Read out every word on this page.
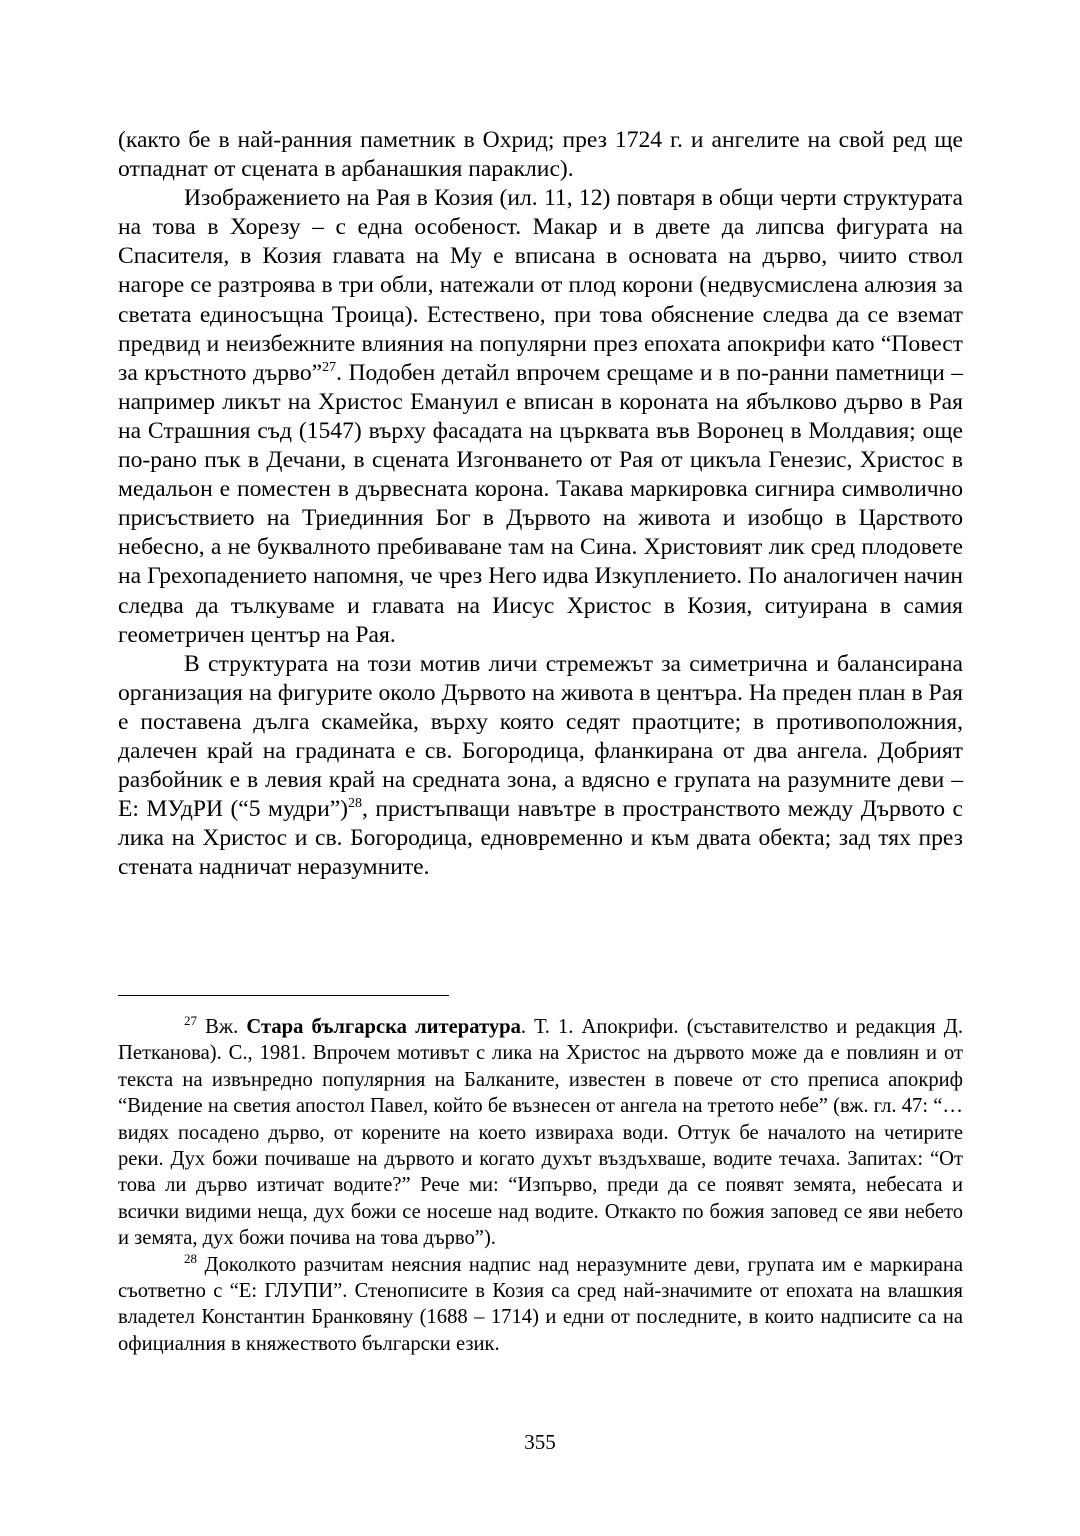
(както бе в най-ранния паметник в Охрид; през 1724 г. и ангелите на свой ред ще отпаднат от сцената в арбанашкия параклис).

Изображението на Рая в Козия (ил. 11, 12) повтаря в общи черти структурата на това в Хорезу – с една особеност. Макар и в двете да липсва фигурата на Спасителя, в Козия главата на Му е вписана в основата на дърво, чиито ствол нагоре се разтроява в три обли, натежали от плод корони (недвусмислена алюзия за светата единосъщна Троица). Естествено, при това обяснение следва да се вземат предвид и неизбежните влияния на популярни през епохата апокрифи като “Повест за кръстното дърво”$^{27}$. Подобен детайл впрочем срещаме и в по-ранни паметници – например ликът на Христос Емануил е вписан в короната на ябълково дърво в Рая на Страшния съд (1547) върху фасадата на църквата във Воронец в Молдавия; още по-рано пък в Дечани, в сцената Изгонването от Рая от цикъла Генезис, Христос в медальон е поместен в дървесната корона. Такава маркировка сигнира символично присъствието на Триединния Бог в Дървото на живота и изобщо в Царството небесно, а не буквалното пребиваване там на Сина. Христовият лик сред плодовете на Грехопадението напомня, че чрез Него идва Изкуплението. По аналогичен начин следва да тълкуваме и главата на Иисус Христос в Козия, ситуирана в самия геометричен център на Рая.

В структурата на този мотив личи стремежът за симетрична и балансирана организация на фигурите около Дървото на живота в центъра. На преден план в Рая е поставена дълга скамейка, върху която седят праотците; в противоположния, далечен край на градината е св. Богородица, фланкирана от два ангела. Добрият разбойник е в левия край на средната зона, а вдясно е групата на разумните деви – Е: МУдРИ (“5 мудри”)$^{28}$, пристъпващи навътре в пространството между Дървото с лика на Христос и св. Богородица, едновременно и към двата обекта; зад тях през стената надничат неразумните.

$^{27}$ Вж. Стара българска литература. Т. 1. Апокрифи. (съставителство и редакция Д. Петканова). С., 1981. Впрочем мотивът с лика на Христос на дървото може да е повлиян и от текста на извънредно популярния на Балканите, известен в повече от сто преписа апокриф “Видение на светия апостол Павел, който бе възнесен от ангела на третото небе” (вж. гл. 47: “…видях посадено дърво, от корените на което извираха води. Оттук бе началото на четирите реки. Дух божи почиваше на дървото и когато духът въздъхваше, водите течаха. Запитах: “От това ли дърво изтичат водите?” Рече ми: “Изпърво, преди да се появят земята, небесата и всички видими неща, дух божи се носеше над водите. Откакто по божия заповед се яви небето и земята, дух божи почива на това дърво”).

$^{28}$ Доколкото разчитам неясния надпис над неразумните деви, групата им е маркирана съответно с “Е: ГЛУПИ”. Стенописите в Козия са сред най-значимите от епохата на влашкия владетел Константин Бранковяну (1688 – 1714) и едни от последните, в които надписите са на официалния в княжеството български език.

355
